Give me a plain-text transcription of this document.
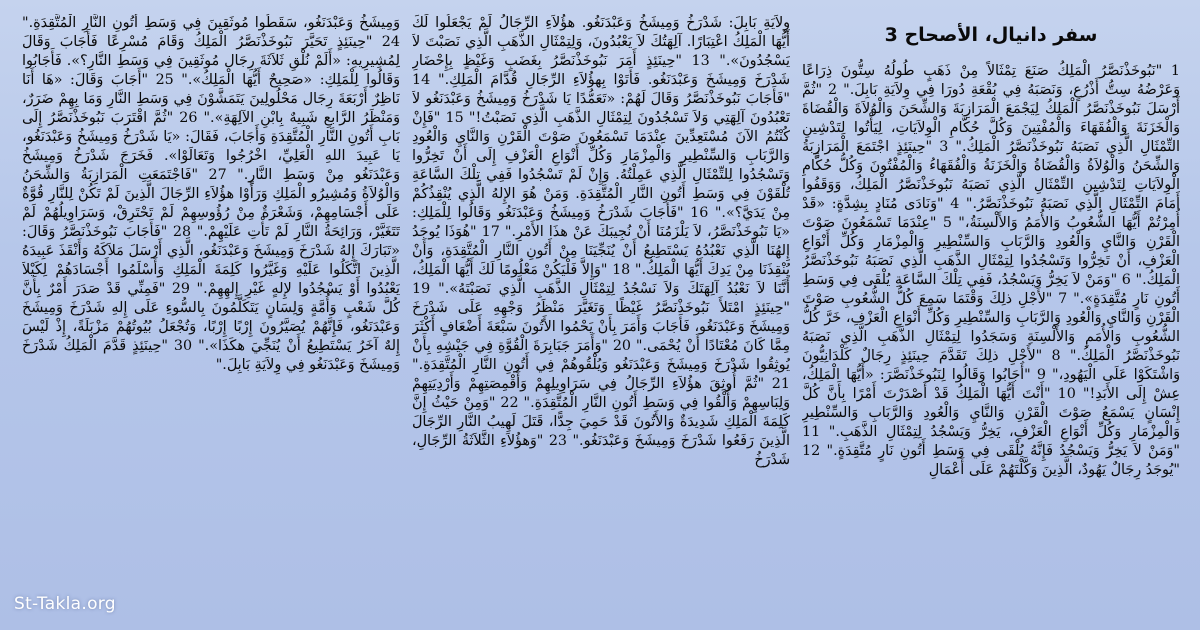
سفر دانيال، الأصحاح 3

1 "نَبُوخَذْنَصَّرُ الْمَلِكُ صَنَعَ تِمْثَالاً مِنْ ذَهَبٍ طُولُهُ سِتُّونَ ذِرَاعًا وَعَرْضُهُ سِتُّ أَذْرُعٍ، وَنَصَبَهُ فِي بُقْعَةِ دُورَا فِي وِلاَيَةِ بَابِلَ." 2 "ثُمَّ أَرْسَلَ نَبُوخَذْنَصَّرُ الْمَلِكُ لِيَجْمَعَ الْمَرَازِبَةَ وَالشِّحَنَ وَالْوُلاَةَ وَالْقُضَاةَ وَالْخَزَنَةَ وَالْفُقَهَاءَ وَالْمُفْتِينَ وَكُلَّ حُكَّامِ الْوِلاَيَاتِ، لِيَأْتُوا لِتَدْشِينِ التِّمْثَالِ الَّذِي نَصَبَهُ نَبُوخَذْنَصَّرُ الْمَلِكُ." 3 "حِينَئِذٍ اجْتَمَعَ الْمَرَازِبَةُ وَالشِّحَنُ وَالْوُلاَةُ وَالْقُضَاةُ وَالْخَزَنَةُ وَالْفُقَهَاءُ وَالْمُفْتُونَ وَكُلُّ حُكَّامِ الْوِلاَيَاتِ لِتَدْشِينِ التِّمْثَالِ الَّذِي نَصَبَهُ نَبُوخَذْنَصَّرُ الْمَلِكُ، وَوَقَفُوا أَمَامَ التِّمْثَالِ الَّذِي نَصَبَهُ نَبُوخَذْنَصَّرُ." 4 "وَنَادَى مُنَادٍ بِشِدَّةٍ: «قَدْ أُمِرْتُمْ أَيُّهَا الشُّعُوبُ وَالأُمَمُ وَالأَلْسِنَةُ،" 5 "عِنْدَمَا تَسْمَعُونَ صَوْتَ الْقَرْنِ وَالنَّايِ وَالْعُودِ وَالرَّبَابِ وَالسِّنْطِيرِ وَالْمِزْمَارِ وَكُلِّ أَنْوَاعِ الْعَزْفِ، أَنْ تَخِرُّوا وَتَسْجُدُوا لِتِمْثَالِ الذَّهَبِ الَّذِي نَصَبَهُ نَبُوخَذْنَصَّرُ الْمَلِكُ." 6 "وَمَنْ لاَ يَخِرُّ وَيَسْجُدُ، فَفِي تِلْكَ السَّاعَةِ يُلْقَى فِي وَسَطِ أَتُونِ نَارٍ مُتَّقِدَةٍ»." 7 "لأَجْلِ ذلِكَ وَقْتَمَا سَمِعَ كُلُّ الشُّعُوبِ صَوْتَ الْقَرْنِ وَالنَّايِ وَالْعُودِ وَالرَّبَابِ وَالسِّنْطِيرِ وَكُلِّ أَنْوَاعِ الْعَزْفِ، خَرَّ كُلُّ الشُّعُوبِ وَالأُمَمِ وَالأَلْسِنَةِ وَسَجَدُوا لِتِمْثَالِ الذَّهَبِ الَّذِي نَصَبَهُ نَبُوخَذْنَصَّرُ الْمَلِكُ." 8 "لأَجْلِ ذلِكَ تَقَدَّمَ حِينَئِذٍ رِجَالٌ كَلْدَانِيُّونَ وَاشْتَكَوْا عَلَى الْيَهُودِ،" 9 "أَجَابُوا وَقَالُوا لِنَبُوخَذْنَصَّرَ: «أَيُّهَا الْمَلِكُ، عِشْ إِلَى الأَبَدِ!" 10 "أَنْتَ أَيُّهَا الْمَلِكُ قَدْ أَصْدَرْتَ أَمْرًا بِأَنَّ كُلَّ إِنْسَانٍ يَسْمَعُ صَوْتَ الْقَرْنِ وَالنَّايِ وَالْعُودِ وَالرَّبَابِ وَالسِّنْطِيرِ وَالْمِزْمَارِ وَكُلِّ أَنْوَاعِ الْعَزْفِ، يَخِرُّ وَيَسْجُدُ لِتِمْثَالِ الذَّهَبِ." 11 "وَمَنْ لاَ يَخِرُّ وَيَسْجُدُ فَإِنَّهُ يُلْقَى فِي وَسَطِ أَتُونِ نَارٍ مُتَّقِدَةٍ." 12 "يُوجَدُ رِجَالٌ يَهُودٌ، الَّذِينَ وَكَّلْتَهُمْ عَلَى أَعْمَالِ

وِلاَيَةِ بَابِلَ: شَدْرَخُ وَمِيشَخُ وَعَبْدَنَغُو. هؤُلاَءِ الرِّجَالُ لَمْ يَجْعَلُوا لَكَ أَيُّهَا الْمَلِكُ اعْتِبَارًا. آلِهَتُكَ لاَ يَعْبُدُونَ، وَلِتِمْثَالِ الذَّهَبِ الَّذِي نَصَبْتَ لاَ يَسْجُدُونَ»." 13 "حِينَئِذٍ أَمَرَ نَبُوخَذْنَصَّرُ بِغَضَبٍ وَغَيْظٍ بِإِحْضَارِ شَدْرَخَ وَمِيشَخَ وَعَبْدَنَغُو. فَأَتَوْا بِهؤُلاَءِ الرِّجَالِ قُدَّامَ الْمَلِكِ." 14 "فَأَجَابَ نَبُوخَذْنَصَّرُ وَقَالَ لَهُمْ: «تَعَمُّدًا يَا شَدْرَخُ وَمِيشَخُ وَعَبْدَنَغُو لاَ تَعْبُدُونَ آلِهَتِي وَلاَ تَسْجُدُونَ لِتِمْثَالِ الذَّهَبِ الَّذِي نَصَبْتُ!" 15 "فَإِنْ كُنْتُمُ الآنَ مُسْتَعِدِّينَ عِنْدَمَا تَسْمَعُونَ صَوْتَ الْقَرْنِ وَالنَّايِ وَالْعُودِ وَالرَّبَابِ وَالسِّنْطِيرِ وَالْمِزْمَارِ وَكُلِّ أَنْوَاعِ الْعَزْفِ إِلَى أَنْ تَخِرُّوا وَتَسْجُدُوا لِلتِّمْثَالِ الَّذِي عَمِلْتُهُ. وَإِنْ لَمْ تَسْجُدُوا فَفِي تِلْكَ السَّاعَةِ تُلْقَوْنَ فِي وَسَطِ أَتُونِ النَّارِ الْمُتَّقِدَةِ. وَمَنْ هُوَ الإِلهُ الَّذِي يُنْقِذُكُمْ مِنْ يَدَيَّ؟»." 16 "فَأَجَابَ شَدْرَخُ وَمِيشَخُ وَعَبْدَنَغُو وَقَالُوا لِلْمَلِكِ: «يَا نَبُوخَذْنَصَّرُ، لاَ يَلْزَمُنَا أَنْ نُجِيبَكَ عَنْ هذَا الأَمْرِ." 17 "هُوَذَا يُوجَدُ إِلهُنَا الَّذِي نَعْبُدُهُ يَسْتَطِيعُ أَنْ يُنَجِّيَنَا مِنْ أَتُونِ النَّارِ الْمُتَّقِدَةِ، وَأَنْ يُنْقِذَنَا مِنْ يَدِكَ أَيُّهَا الْمَلِكُ." 18 "وَإِلاَّ فَلْيَكُنْ مَعْلُومًا لَكَ أَيُّهَا الْمَلِكُ، أَنَّنَا لاَ نَعْبُدُ آلِهَتَكَ وَلاَ نَسْجُدُ لِتِمْثَالِ الذَّهَبِ الَّذِي نَصَبْتَهُ»." 19 "حِينَئِذٍ امْتَلأَ نَبُوخَذْنَصَّرُ غَيْظًا وَتَغَيَّرَ مَنْظَرُ وَجْهِهِ عَلَى شَدْرَخَ وَمِيشَخَ وَعَبْدَنَغُو، فَأَجَابَ وَأَمَرَ بِأَنْ يَحْمُوا الأَتُونَ سَبْعَةَ أَضْعَافٍ أَكْثَرَ مِمَّا كَانَ مُعْتَادًا أَنْ يُحْمَى." 20 "وَأَمَرَ جَبَابِرَةَ الْقُوَّةِ فِي جَيْشِهِ بِأَنْ يُوثِقُوا شَدْرَخَ وَمِيشَخَ وَعَبْدَنَغُو وَيُلْقُوهُمْ فِي أَتُونِ النَّارِ الْمُتَّقِدَةِ." 21 "ثُمَّ أُوثِقَ هؤُلاَءِ الرِّجَالُ فِي سَرَاوِيلِهِمْ وَأَقْمِصَتِهِمْ وَأَرْدِيَتِهِمْ وَلِبَاسِهِمْ وَأُلْقُوا فِي وَسَطِ أَتُونِ النَّارِ الْمُتَّقِدَةِ." 22 "وَمِنْ حَيْثُ إِنَّ كَلِمَةَ الْمَلِكِ شَدِيدَةٌ وَالأَتُونَ قَدْ حَمِيَ جِدًّا، قَتَلَ لَهِيبُ النَّارِ الرِّجَالَ الَّذِينَ رَفَعُوا شَدْرَخَ وَمِيشَخَ وَعَبْدَنَغُو." 23 "وَهؤُلاَءِ الثَّلاَثَةُ الرِّجَالِ، شَدْرَخُ

وَمِيشَخُ وَعَبْدَنَغُو، سَقَطُوا مُوثَقِينَ فِي وَسَطِ أَتُونِ النَّارِ الْمُتَّقِدَةِ." 24 "حِينَئِذٍ تَحَيَّرَ نَبُوخَذْنَصَّرُ الْمَلِكُ وَقَامَ مُسْرِعًا فَأَجَابَ وَقَالَ لِمُشِيرِيهِ: «أَلَمْ نُلْقِ ثَلاَثَةَ رِجَال مُوثَقِينَ فِي وَسَطِ النَّارِ؟». فَأَجَابُوا وَقَالُوا لِلْمَلِكِ: «صَحِيحٌ أَيُّهَا الْمَلِكُ»." 25 "أَجَابَ وَقَالَ: «هَا أَنَا نَاظِرٌ أَرْبَعَةَ رِجَال مَحْلُولِينَ يَتَمَشَّوْنَ فِي وَسَطِ النَّارِ وَمَا بِهِمْ ضَرَرٌ، وَمَنْظَرُ الرَّابعِ شَبِيهٌ بِابْنِ الآلِهَةِ»." 26 "ثُمَّ اقْتَرَبَ نَبُوخَذْنَصَّرُ إِلَى بَابِ أَتُونِ النَّارِ الْمُتَّقِدَةِ وَأَجَابَ، فَقَالَ: «يَا شَدْرَخُ وَمِيشَخُ وَعَبْدَنَغُو، يَا عَبِيدَ اللهِ الْعَلِيِّ، اخْرُجُوا وَتَعَالَوْا». فَخَرَجَ شَدْرَخُ وَمِيشَخُ وَعَبْدَنَغُو مِنْ وَسَطِ النَّارِ." 27 "فَاجْتَمَعَتِ الْمَرَازِبَةُ وَالشِّحَنُ وَالْوُلاَةُ وَمُشِيرُو الْمَلِكِ وَرَأَوْا هؤُلاَءِ الرِّجَالَ الَّذِينَ لَمْ تَكُنْ لِلنَّارِ قُوَّةٌ عَلَى أَجْسَامِهِمْ، وَشَعْرَةٌ مِنْ رُؤُوسِهِمْ لَمْ تَحْتَرِقْ، وَسَرَاوِيلُهُمْ لَمْ تَتَغَيَّرْ، وَرَائِحَةُ النَّارِ لَمْ تَأْتِ عَلَيْهِمْ." 28 "فَأَجَابَ نَبُوخَذْنَصَّرُ وَقَالَ: «تَبَارَكَ إِلهُ شَدْرَخَ وَمِيشَخَ وَعَبْدَنَغُو، الَّذِي أَرْسَلَ مَلاَكَهُ وَأَنْقَذَ عَبِيدَهُ الَّذِينَ اتَّكَلُوا عَلَيْهِ وَغَيَّرُوا كَلِمَةَ الْمَلِكِ وَأَسْلَمُوا أَجْسَادَهُمْ لِكَيْلاَ يَعْبُدُوا أَوْ يَسْجُدُوا لإِلهٍ غَيْرِ إِلهِهِمْ." 29 "فَمِنِّي قَدْ صَدَرَ أَمْرٌ بِأَنَّ كُلَّ شَعْبٍ وَأُمَّةٍ وَلِسَانٍ يَتَكَلَّمُونَ بِالسُّوءِ عَلَى إِلهِ شَدْرَخَ وَمِيشَخَ وَعَبْدَنَغُو، فَإِنَّهُمْ يُصَيَّرُونَ إِرْبًا إِرْبًا، وَتُجْعَلُ بُيُوتُهُمْ مَزْبَلَةً، إِذْ لَيْسَ إِلهٌ آخَرُ يَسْتَطِيعُ أَنْ يُنَجِّيَ هكَذَا»." 30 "حِينَئِذٍ قَدَّمَ الْمَلِكُ شَدْرَخَ وَمِيشَخَ وَعَبْدَنَغُو فِي وِلاَيَةِ بَابِلَ."

St-Takla.org
